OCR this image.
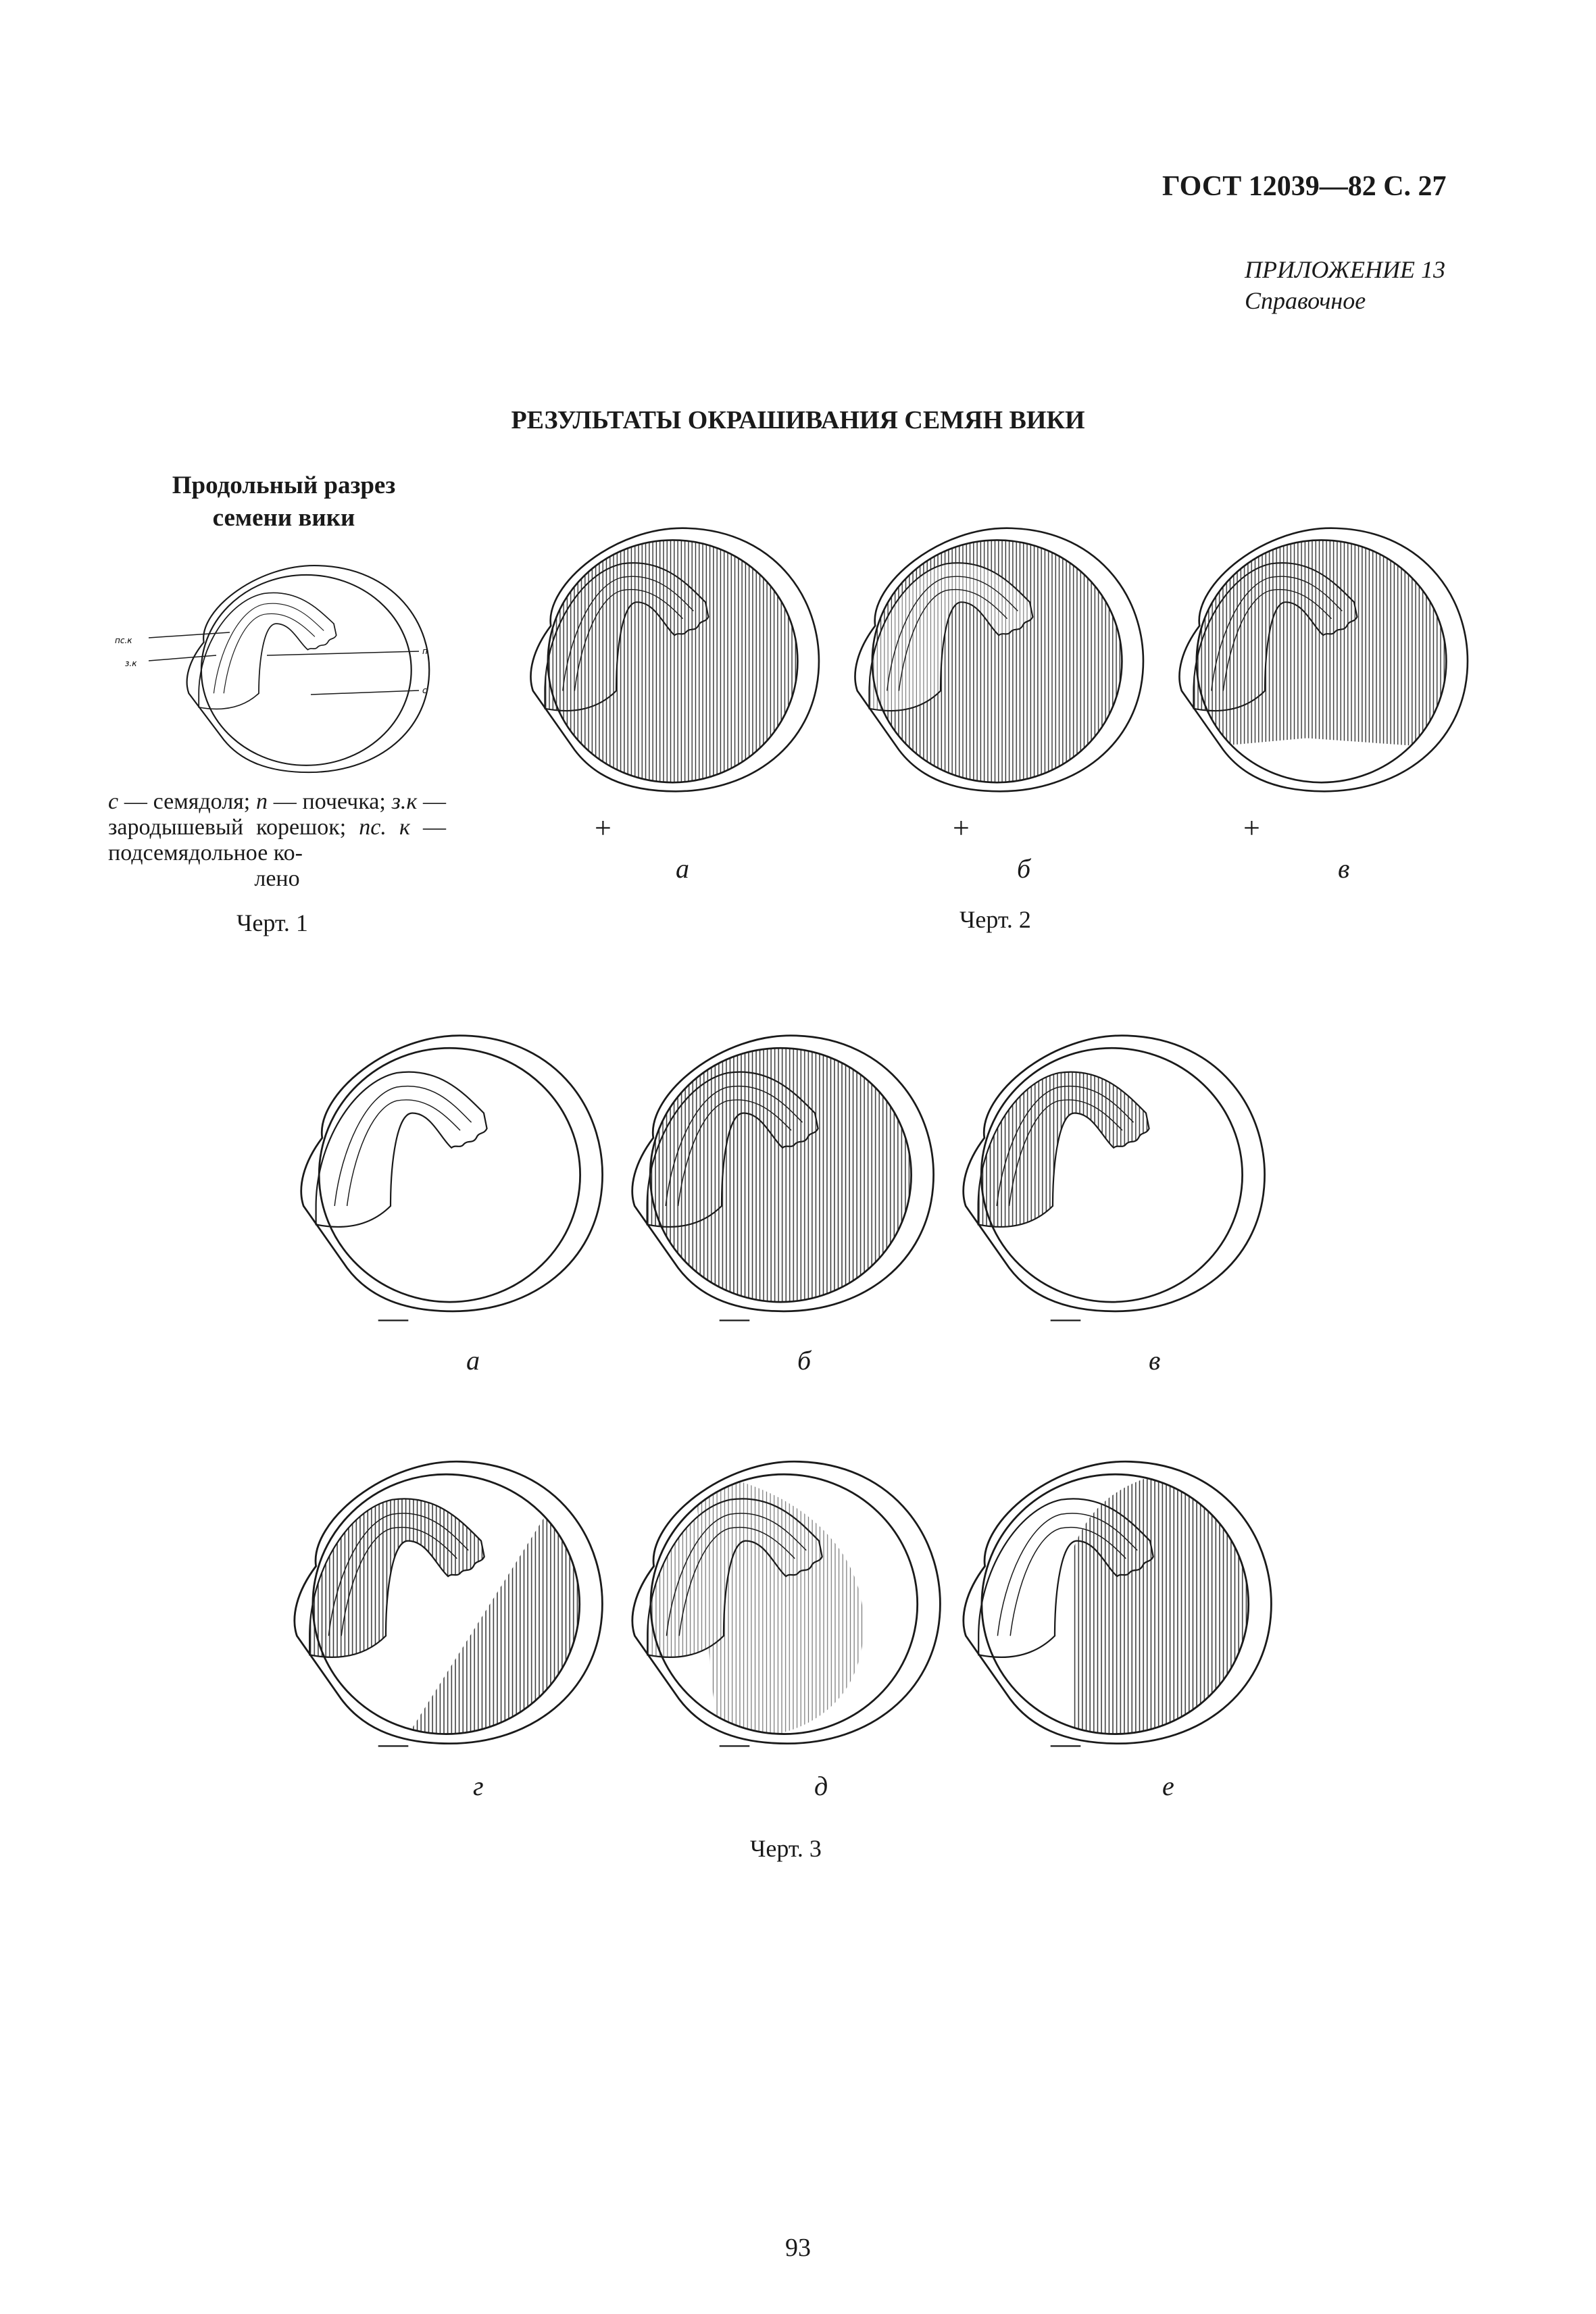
ГОСТ 12039—82 С. 27
ПРИЛОЖЕНИЕ 13
Справочное
РЕЗУЛЬТАТЫ ОКРАШИВАНИЯ СЕМЯН ВИКИ
Продольный разрез
семени вики
пс.к
з.к
п
с
с — семядоля; п — почечка; з.к — зародышевый корешок; пс. к — подсемядольное ко-
лено
Черт. 1
+	+	+
а	б	в
Черт. 2
—	—	—
а	б	в
—	—	—
г	д	е
Черт. 3
93
